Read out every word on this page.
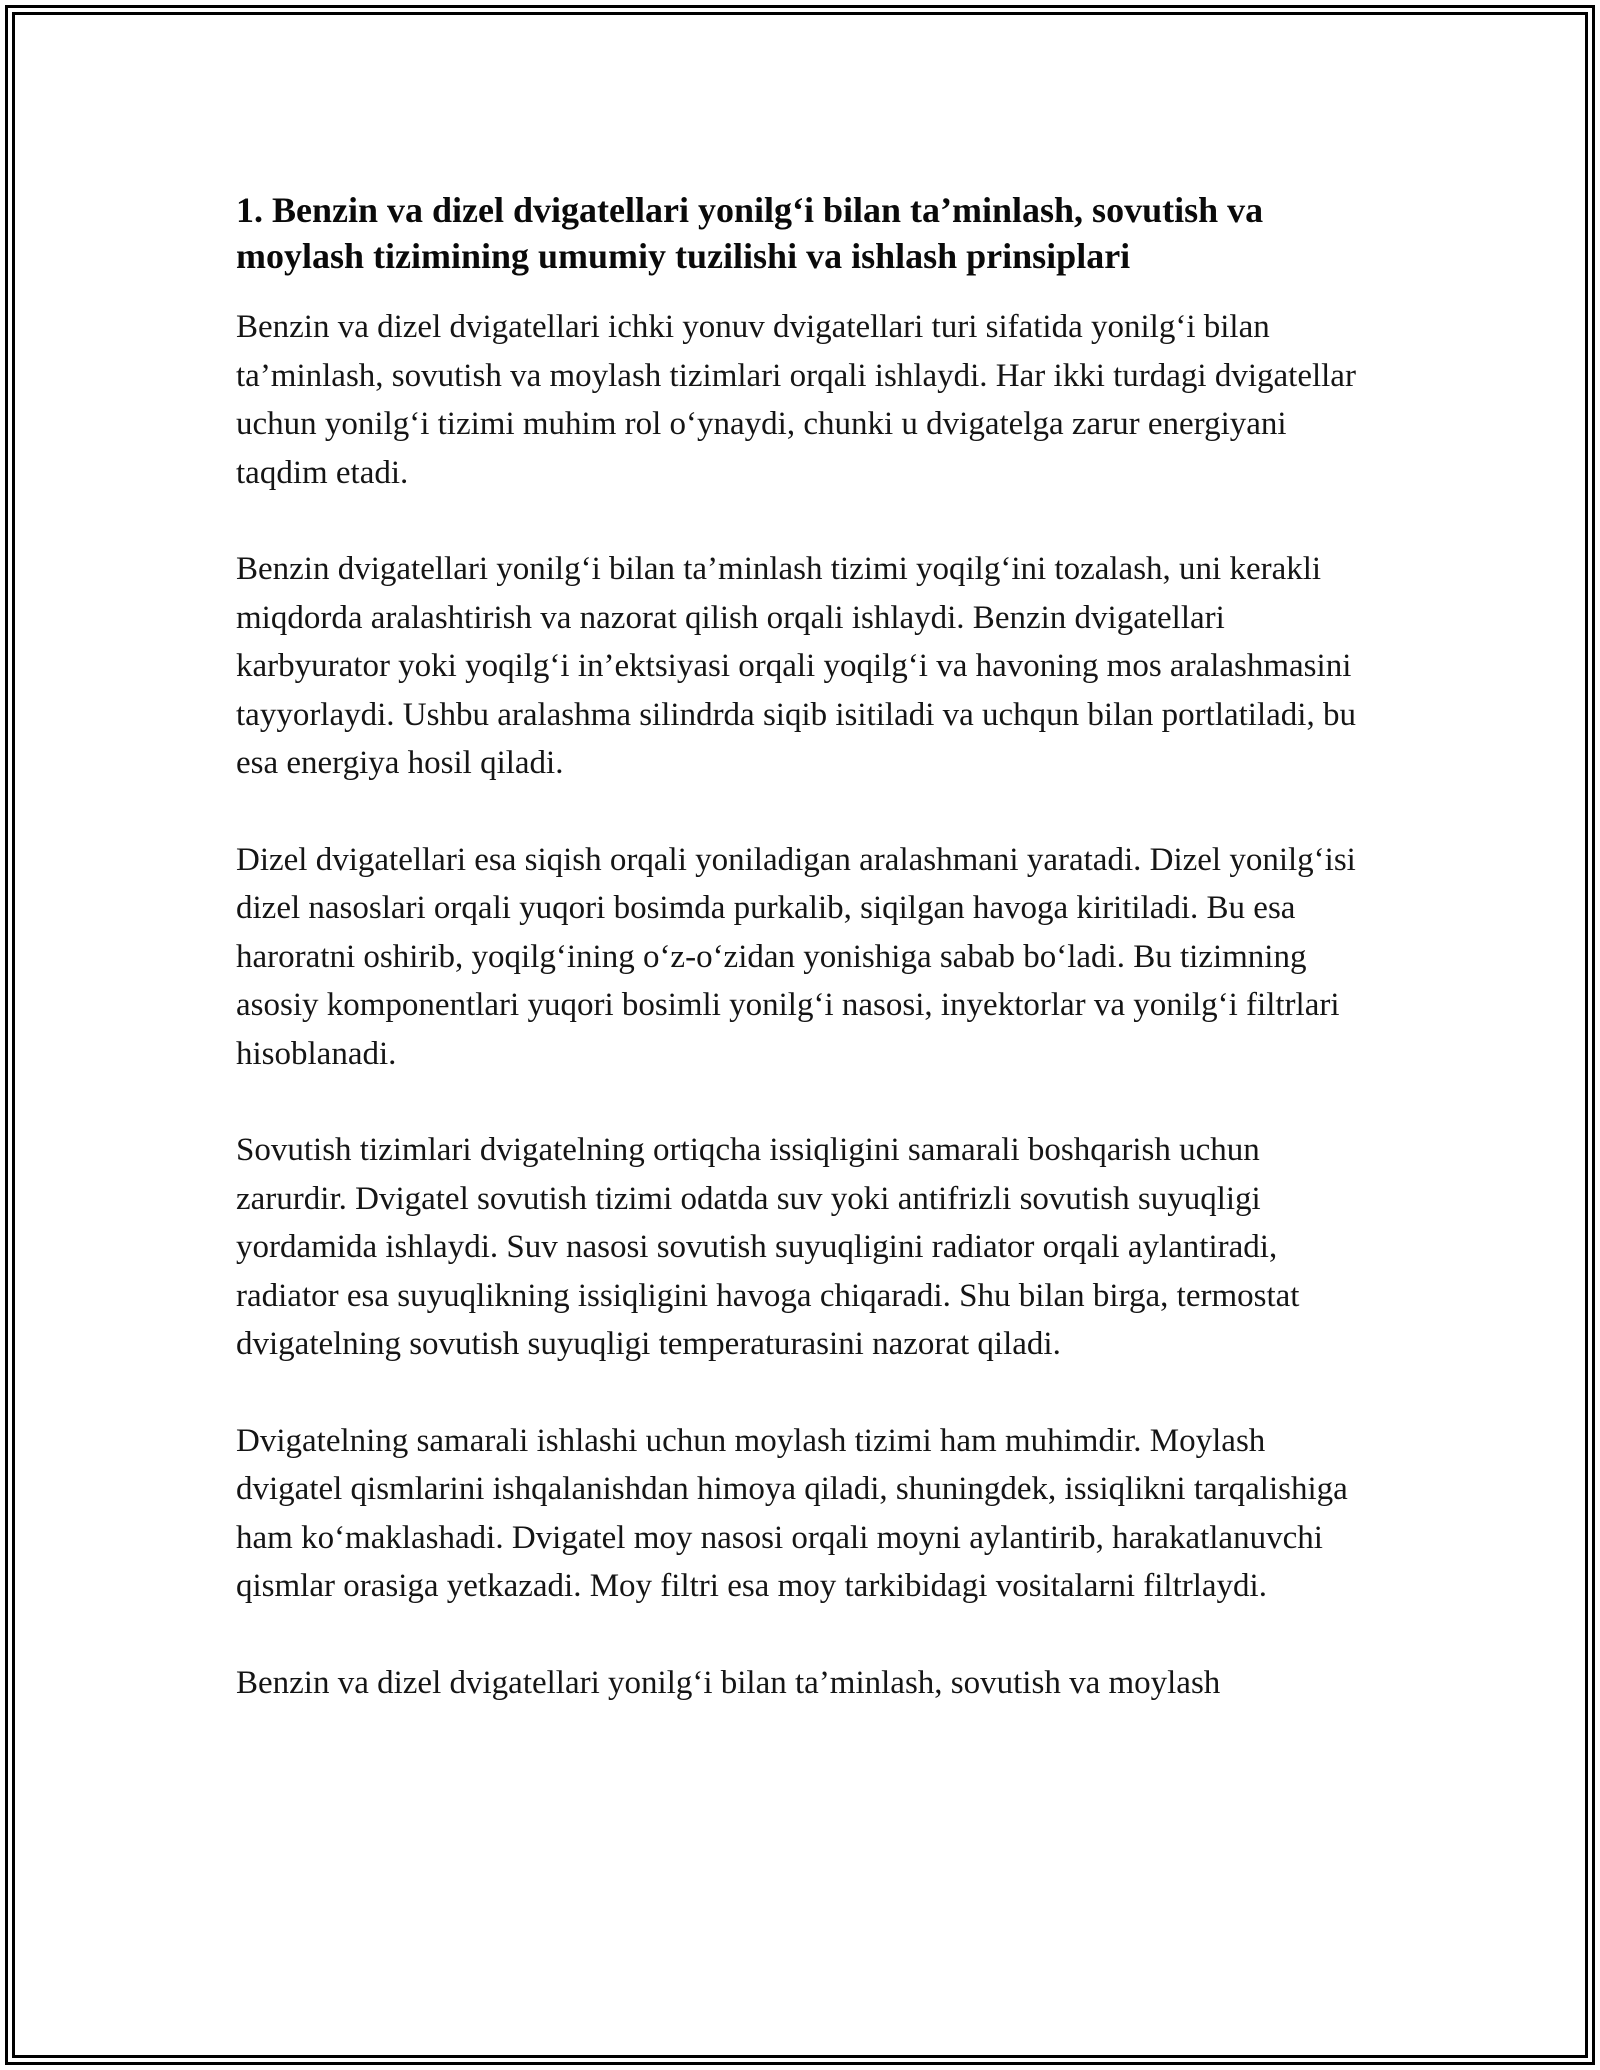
1. Benzin va dizel dvigatellari yonilg‘i bilan ta’minlash, sovutish va moylash tizimining umumiy tuzilishi va ishlash prinsiplari

Benzin va dizel dvigatellari ichki yonuv dvigatellari turi sifatida yonilg‘i bilan ta’minlash, sovutish va moylash tizimlari orqali ishlaydi. Har ikki turdagi dvigatellar uchun yonilg‘i tizimi muhim rol o‘ynaydi, chunki u dvigatelga zarur energiyani taqdim etadi.

Benzin dvigatellari yonilg‘i bilan ta’minlash tizimi yoqilg‘ini tozalash, uni kerakli miqdorda aralashtirish va nazorat qilish orqali ishlaydi. Benzin dvigatellari karbyurator yoki yoqilg‘i in’ektsiyasi orqali yoqilg‘i va havoning mos aralashmasini tayyorlaydi. Ushbu aralashma silindrda siqib isitiladi va uchqun bilan portlatiladi, bu esa energiya hosil qiladi.

Dizel dvigatellari esa siqish orqali yoniladigan aralashmani yaratadi. Dizel yonilg‘isi dizel nasoslari orqali yuqori bosimda purkalib, siqilgan havoga kiritiladi. Bu esa haroratni oshirib, yoqilg‘ining o‘z-o‘zidan yonishiga sabab bo‘ladi. Bu tizimning asosiy komponentlari yuqori bosimli yonilg‘i nasosi, inyektorlar va yonilg‘i filtrlari hisoblanadi.

Sovutish tizimlari dvigatelning ortiqcha issiqligini samarali boshqarish uchun zarurdir. Dvigatel sovutish tizimi odatda suv yoki antifrizli sovutish suyuqligi yordamida ishlaydi. Suv nasosi sovutish suyuqligini radiator orqali aylantiradi, radiator esa suyuqlikning issiqligini havoga chiqaradi. Shu bilan birga, termostat dvigatelning sovutish suyuqligi temperaturasini nazorat qiladi.

Dvigatelning samarali ishlashi uchun moylash tizimi ham muhimdir. Moylash dvigatel qismlarini ishqalanishdan himoya qiladi, shuningdek, issiqlikni tarqalishiga ham ko‘maklashadi. Dvigatel moy nasosi orqali moyni aylantirib, harakatlanuvchi qismlar orasiga yetkazadi. Moy filtri esa moy tarkibidagi vositalarni filtrlaydi.

Benzin va dizel dvigatellari yonilg‘i bilan ta’minlash, sovutish va moylash
